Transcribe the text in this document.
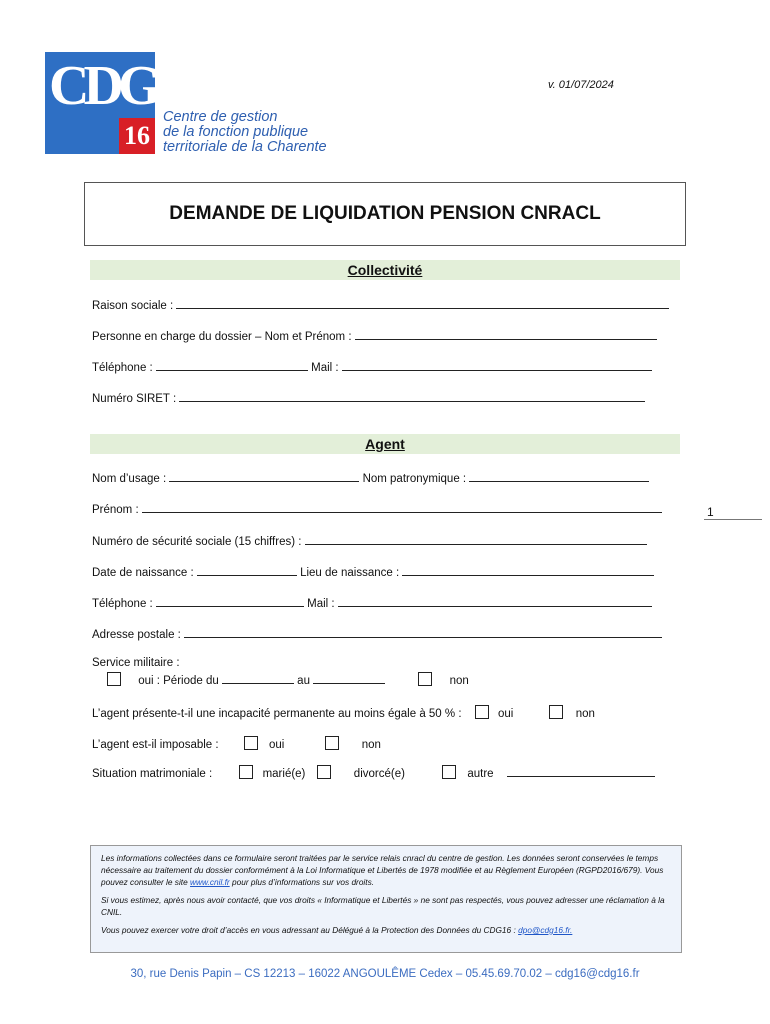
CDG
16
Centre de gestion
de la fonction publique
territoriale de la Charente
v. 01/07/2024
DEMANDE DE LIQUIDATION PENSION CNRACL
Collectivité
Raison sociale :
Personne en charge du dossier – Nom et Prénom :
Téléphone :	Mail :
Numéro SIRET :
Agent
Nom d’usage :	Nom patronymique :
Prénom :
Numéro de sécurité sociale (15 chiffres) :
Date de naissance :	Lieu de naissance :
Téléphone :	Mail :
Adresse postale :
Service militaire :
oui : Période du	au	non
L’agent présente-t-il une incapacité permanente au moins égale à 50 % :	oui	non
L’agent est-il imposable :	oui	non
Situation matrimoniale :	marié(e)	divorcé(e)	autre
1

Les informations collectées dans ce formulaire seront traitées par le service relais cnracl du centre de gestion. Les données seront conservées le temps nécessaire au traitement du dossier conformément à la Loi Informatique et Libertés de 1978 modifiée et au Règlement Européen (RGPD2016/679). Vous pouvez consulter le site www.cnil.fr pour plus d’informations sur vos droits.

Si vous estimez, après nous avoir contacté, que vos droits « Informatique et Libertés » ne sont pas respectés, vous pouvez adresser une réclamation à la CNIL.

Vous pouvez exercer votre droit d’accès en vous adressant au Délégué à la Protection des Données du CDG16 : dpo@cdg16.fr.

30, rue Denis Papin – CS 12213 – 16022 ANGOULÊME Cedex – 05.45.69.70.02 – cdg16@cdg16.fr
